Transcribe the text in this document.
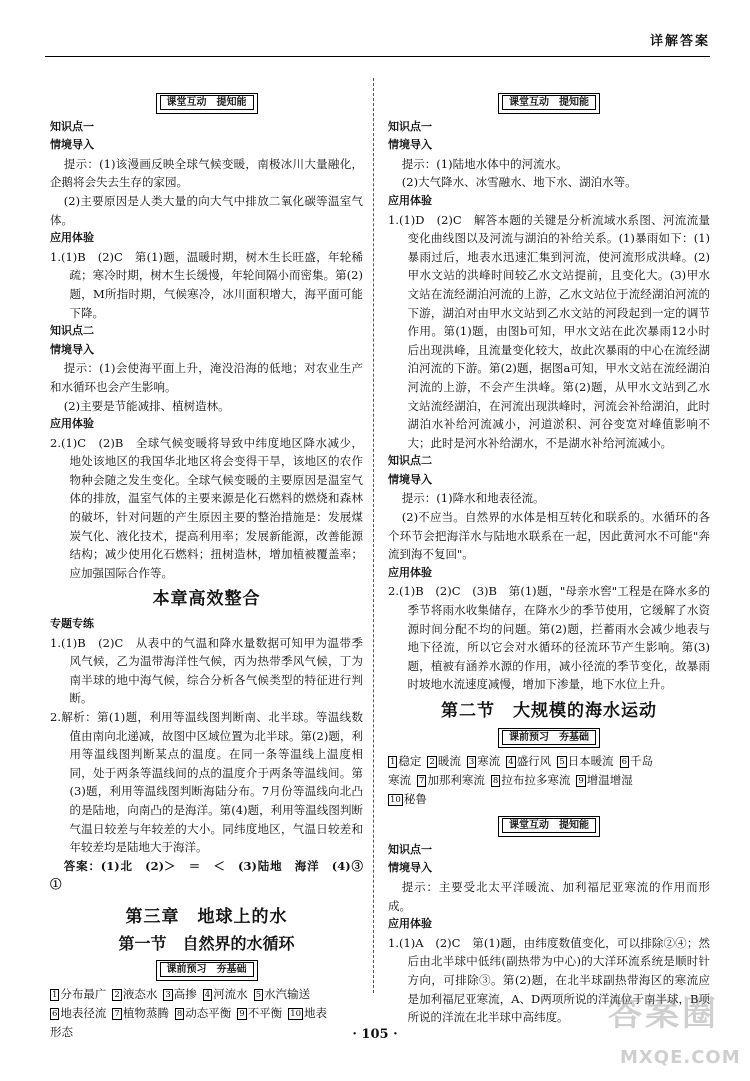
详解答案
课堂互动　 提知能
知识点一
情境导入

提示：(1)该漫画反映全球气候变暖，南极冰川大量融化，企鹅将会失去生存的家园。

(2)主要原因是人类大量的向大气中排放二氧化碳等温室气体。

应用体验

1.(1)B　(2)C　第(1)题，温暖时期，树木生长旺盛，年轮稀疏；寒冷时期，树木生长缓慢，年轮间隔小而密集。第(2)题，M所指时期，气候寒冷，冰川面积增大，海平面可能下降。

知识点二
情境导入

提示：(1)会使海平面上升，淹没沿海的低地；对农业生产和水循环也会产生影响。

(2)主要是节能减排、植树造林。

应用体验

2.(1)C　(2)B　全球气候变暖将导致中纬度地区降水减少，地处该地区的我国华北地区将会变得干旱，该地区的农作物种会随之发生变化。全球气候变暖的主要原因是温室气体的排放，温室气体的主要来源是化石燃料的燃烧和森林的破坏，针对问题的产生原因主要的整治措施是：发展煤炭气化、液化技术，提高利用率；发展新能源，改善能源结构；减少使用化石燃料；扭树造林，增加植被覆盖率；应加强国际合作等。

本章高效整合
专题专练

1.(1)B　(2)C　从表中的气温和降水量数据可知甲为温带季风气候，乙为温带海洋性气候，丙为热带季风气候，丁为南半球的地中海气候，综合分析各气候类型的特征进行判断。

2.解析：第(1)题，利用等温线图判断南、北半球。等温线数值由南向北递减，故图中区域位置为北半球。第(2)题，利用等温线图判断某点的温度。在同一条等温线上温度相同，处于两条等温线间的点的温度介于两条等温线间。第(3)题，利用等温线图判断海陆分布。7月份等温线向北凸的是陆地，向南凸的是海洋。第(4)题，利用等温线图判断气温日较差与年较差的大小。同纬度地区，气温日较差和年较差均是陆地大于海洋。

答案：(1)北　(2)＞　＝　＜　(3)陆地　海洋　(4)③　①

第三章　地球上的水
第一节　自然界的水循环
课前预习　 夯基础
1 分布最广 2 液态水 3 高掺 4 河流水 5 水汽输送
6 地表径流 7 植物蒸腾 8 动态平衡 9 不平衡 10 地表
形态
课堂互动　 提知能
知识点一
情境导入

提示：(1)陆地水体中的河流水。

(2)大气降水、冰雪融水、地下水、湖泊水等。

应用体验

1.(1)D　(2)C　解答本题的关键是分析流域水系图、河流流量变化曲线图以及河流与湖泊的补给关系。(1)暴雨如下：(1)暴雨过后，地表水迅速汇集到河流，使河流形成洪峰。(2)甲水文站的洪峰时间较乙水文站提前，且变化大。(3)甲水文站在流经湖泊河流的上游，乙水文站位于流经湖泊河流的下游，湖泊对由甲水文站到乙水文站的河段起到一定的调节作用。第(1)题，由图b可知，甲水文站在此次暴雨12小时后出现洪峰，且流量变化较大，故此次暴雨的中心在流经湖泊河流的下游。第(2)题，据图a可知，甲水文站在流经湖泊河流的上游，不会产生洪峰。第(2)题，从甲水文站到乙水文站流经湖泊，在河流出现洪峰时，河流会补给湖泊，此时湖泊水补给河流减小，河道淤积、河谷变宽对峰值影响不大；此时是河水补给湖水，不是湖水补给河流减小。

知识点二
情境导入

提示：(1)降水和地表径流。

(2)不应当。自然界的水体是相互转化和联系的。水循环的各个环节会把海洋水与陆地水联系在一起，因此黄河水不可能"奔流到海不复回"。

应用体验

2.(1)B　(2)C　(3)B　第(1)题，"母亲水窖"工程是在降水多的季节将雨水收集储存，在降水少的季节使用，它缓解了水资源时间分配不均的问题。第(2)题，拦蓄雨水会减少地表与地下径流，所以它会对水循环的径流环节产生影响。第(3)题，植被有涵养水源的作用，减小径流的季节变化，故暴雨时坡地水流速度减慢，增加下渗量，地下水位上升。

第二节　大规模的海水运动
课前预习　 夯基础
1 稳定 2 暖流 3 寒流 4 盛行风 5 日本暖流 6 千岛
寒流 7 加那利寒流 8 拉布拉多寒流 9 增温增湿
10 秘鲁
课堂互动　 提知能
知识点一
情境导入

提示：主要受北太平洋暖流、加利福尼亚寒流的作用而形成。

应用体验

1.(1)A　(2)C　第(1)题，由纬度数值变化，可以排除②④；然后由北半球中低纬(副热带为中心)的大洋环流系统是顺时针方向，可排除③。第(2)题，在北半球副热带海区的寒流应是加利福尼亚寒流，A、D两项所说的洋流位于南半球，B项所说的洋流在北半球中高纬度。

· 105 ·
答案圈
MXQE.COM
